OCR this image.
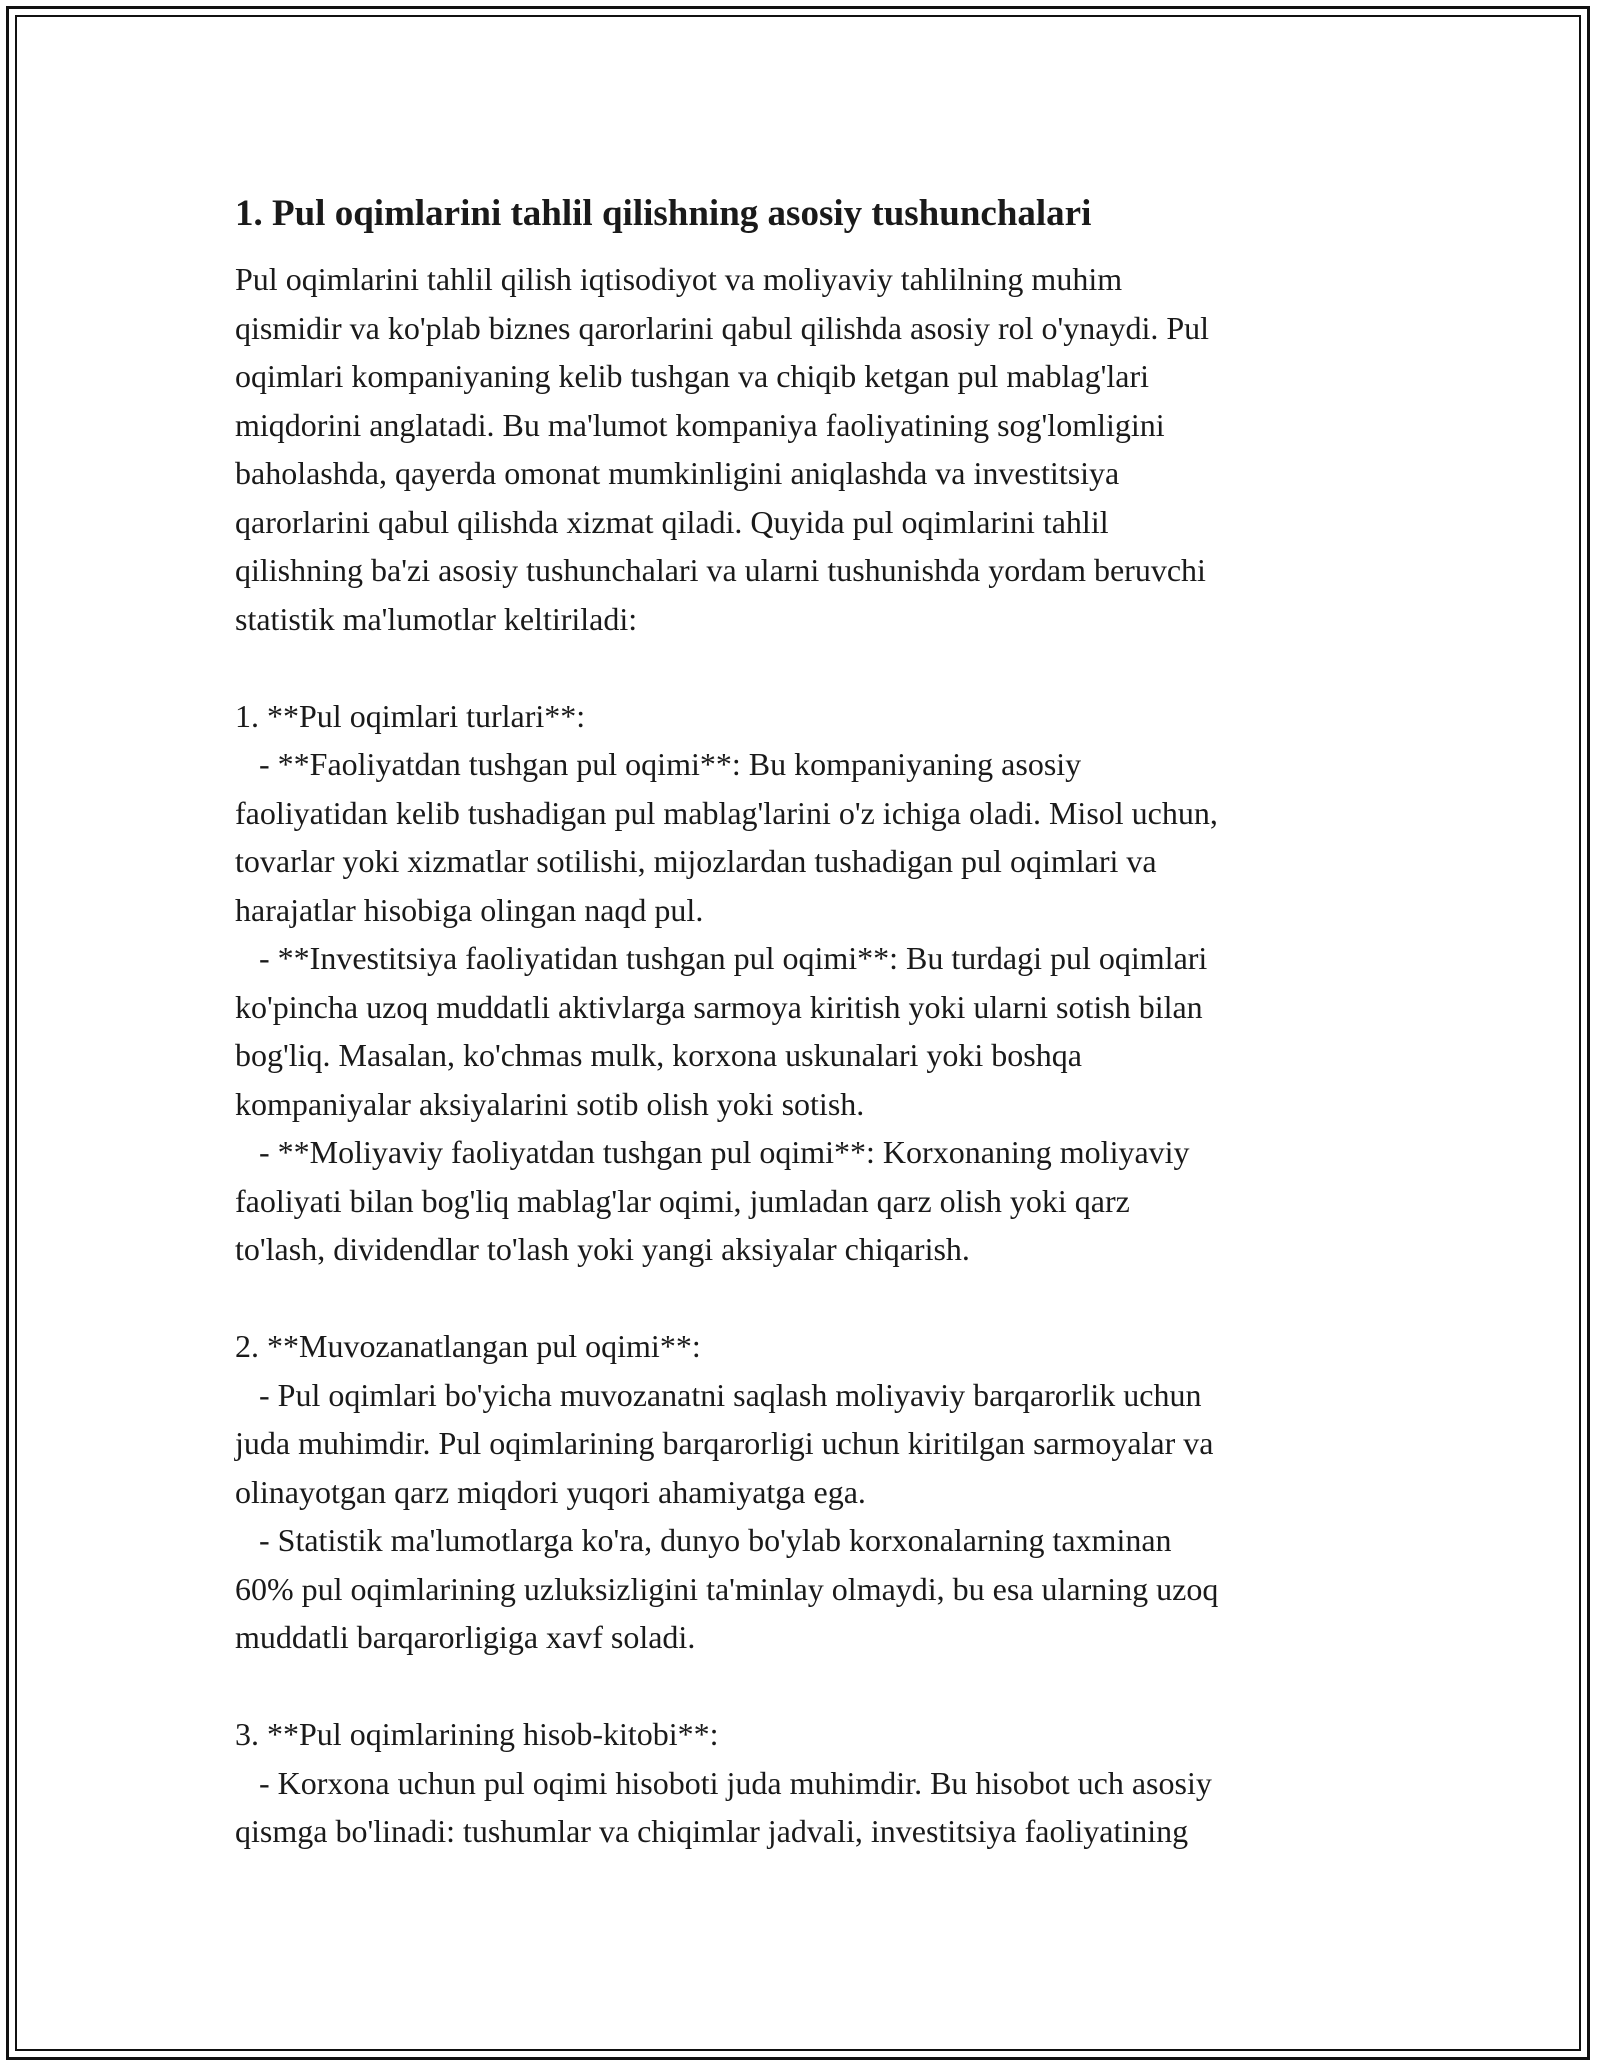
1. Pul oqimlarini tahlil qilishning asosiy tushunchalari
Pul oqimlarini tahlil qilish iqtisodiyot va moliyaviy tahlilning muhim
qismidir va ko'plab biznes qarorlarini qabul qilishda asosiy rol o'ynaydi. Pul
oqimlari kompaniyaning kelib tushgan va chiqib ketgan pul mablag'lari
miqdorini anglatadi. Bu ma'lumot kompaniya faoliyatining sog'lomligini
baholashda, qayerda omonat mumkinligini aniqlashda va investitsiya
qarorlarini qabul qilishda xizmat qiladi. Quyida pul oqimlarini tahlil
qilishning ba'zi asosiy tushunchalari va ularni tushunishda yordam beruvchi
statistik ma'lumotlar keltiriladi:

1. **Pul oqimlari turlari**:
- **Faoliyatdan tushgan pul oqimi**: Bu kompaniyaning asosiy
faoliyatidan kelib tushadigan pul mablag'larini o'z ichiga oladi. Misol uchun,
tovarlar yoki xizmatlar sotilishi, mijozlardan tushadigan pul oqimlari va
harajatlar hisobiga olingan naqd pul.
- **Investitsiya faoliyatidan tushgan pul oqimi**: Bu turdagi pul oqimlari
ko'pincha uzoq muddatli aktivlarga sarmoya kiritish yoki ularni sotish bilan
bog'liq. Masalan, ko'chmas mulk, korxona uskunalari yoki boshqa
kompaniyalar aksiyalarini sotib olish yoki sotish.
- **Moliyaviy faoliyatdan tushgan pul oqimi**: Korxonaning moliyaviy
faoliyati bilan bog'liq mablag'lar oqimi, jumladan qarz olish yoki qarz
to'lash, dividendlar to'lash yoki yangi aksiyalar chiqarish.

2. **Muvozanatlangan pul oqimi**:
- Pul oqimlari bo'yicha muvozanatni saqlash moliyaviy barqarorlik uchun
juda muhimdir. Pul oqimlarining barqarorligi uchun kiritilgan sarmoyalar va
olinayotgan qarz miqdori yuqori ahamiyatga ega.
- Statistik ma'lumotlarga ko'ra, dunyo bo'ylab korxonalarning taxminan
60% pul oqimlarining uzluksizligini ta'minlay olmaydi, bu esa ularning uzoq
muddatli barqarorligiga xavf soladi.

3. **Pul oqimlarining hisob-kitobi**:
- Korxona uchun pul oqimi hisoboti juda muhimdir. Bu hisobot uch asosiy
qismga bo'linadi: tushumlar va chiqimlar jadvali, investitsiya faoliyatining
